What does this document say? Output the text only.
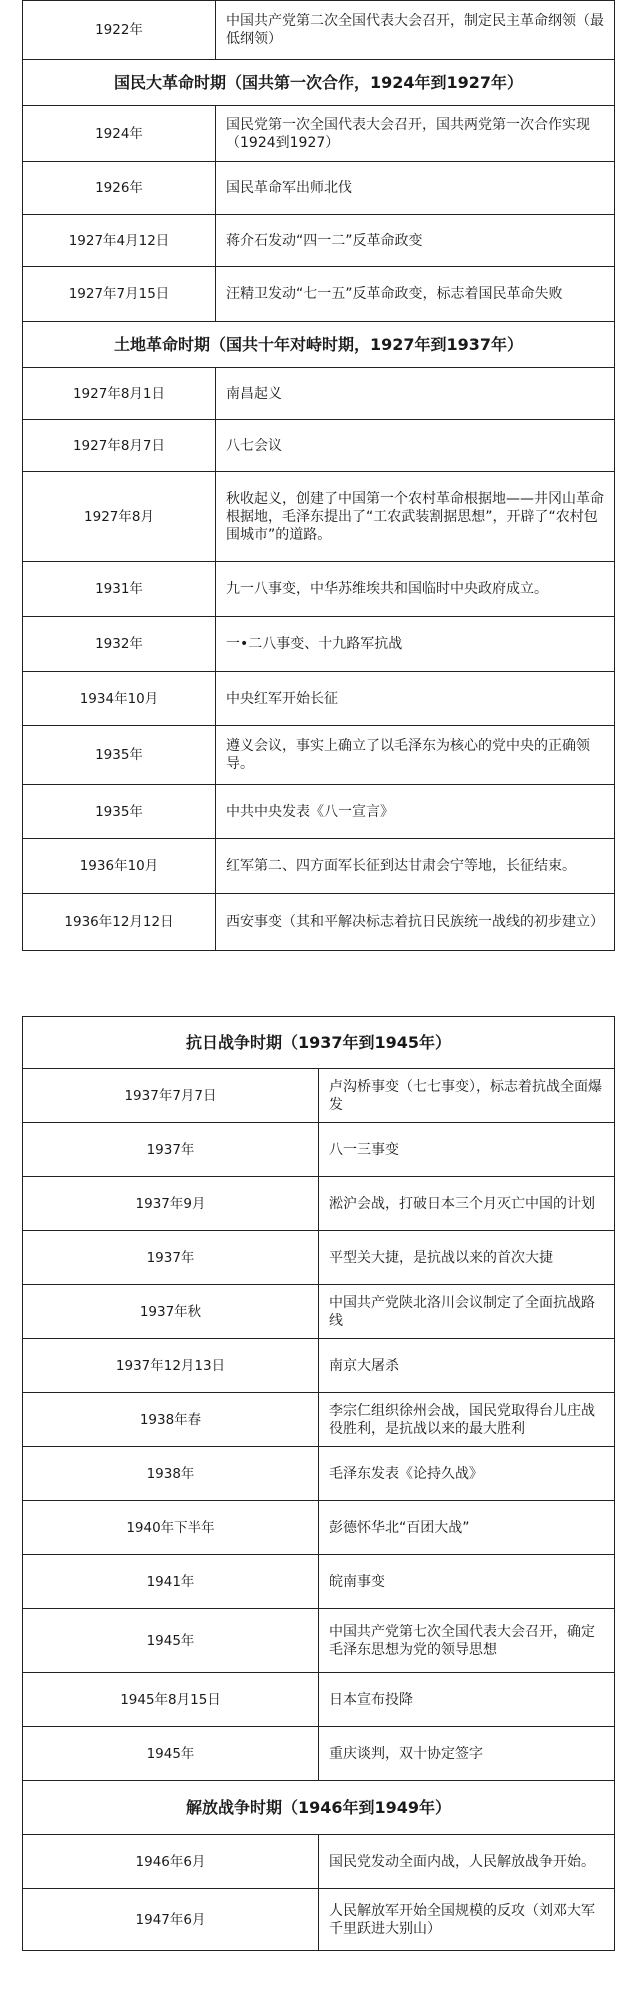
1922年	中国共产党第二次全国代表大会召开，制定民主革命纲领（最低纲领）
国民大革命时期（国共第一次合作，1924年到1927年）	
1924年	国民党第一次全国代表大会召开，国共两党第一次合作实现（1924到1927）
1926年	国民革命军出师北伐
1927年4月12日	蒋介石发动“四一二”反革命政变
1927年7月15日	汪精卫发动“七一五”反革命政变，标志着国民革命失败
土地革命时期（国共十年对峙时期，1927年到1937年）	
1927年8月1日	南昌起义
1927年8月7日	八七会议
1927年8月	秋收起义，创建了中国第一个农村革命根据地——井冈山革命根据地，毛泽东提出了“工农武装割据思想”，开辟了“农村包围城市”的道路。
1931年	九一八事变，中华苏维埃共和国临时中央政府成立。
1932年	一•二八事变、十九路军抗战
1934年10月	中央红军开始长征
1935年	遵义会议，事实上确立了以毛泽东为核心的党中央的正确领导。
1935年	中共中央发表《八一宣言》
1936年10月	红军第二、四方面军长征到达甘肃会宁等地，长征结束。
1936年12月12日	西安事变（其和平解决标志着抗日民族统一战线的初步建立）
抗日战争时期（1937年到1945年）	
1937年7月7日	卢沟桥事变（七七事变），标志着抗战全面爆发
1937年	八一三事变
1937年9月	淞沪会战，打破日本三个月灭亡中国的计划
1937年	平型关大捷，是抗战以来的首次大捷
1937年秋	中国共产党陕北洛川会议制定了全面抗战路线
1937年12月13日	南京大屠杀
1938年春	李宗仁组织徐州会战，国民党取得台儿庄战役胜利，是抗战以来的最大胜利
1938年	毛泽东发表《论持久战》
1940年下半年	彭德怀华北“百团大战”
1941年	皖南事变
1945年	中国共产党第七次全国代表大会召开，确定毛泽东思想为党的领导思想
1945年8月15日	日本宣布投降
1945年	重庆谈判，双十协定签字
解放战争时期（1946年到1949年）	
1946年6月	国民党发动全面内战，人民解放战争开始。
1947年6月	人民解放军开始全国规模的反攻（刘邓大军千里跃进大别山）
